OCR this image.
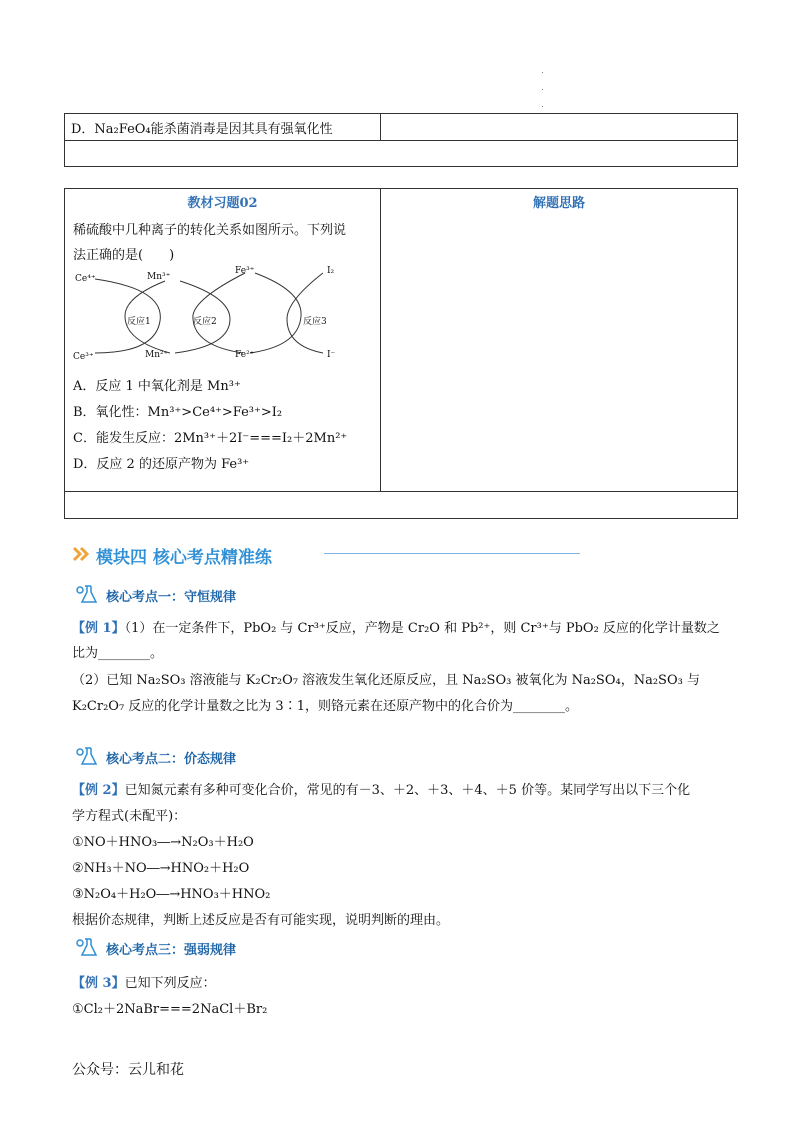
D．Na₂FeO₄能杀菌消毒是因其具有强氧化性

教材习题02
稀硫酸中几种离子的转化关系如图所示。下列说
法正确的是(　　)
Ce⁴⁺	Mn³⁺
Fe³⁺	I₂
Ce³⁺	Mn²⁺	Fe²⁺	I⁻
反应1	反应2	反应3
A．反应 1 中氧化剂是 Mn³⁺
B．氧化性：Mn³⁺>Ce⁴⁺>Fe³⁺>I₂
C．能发生反应：2Mn³⁺＋2I⁻===I₂＋2Mn²⁺
D．反应 2 的还原产物为 Fe³⁺

解题思路

模块四 核心考点精准练
核心考点一：守恒规律
【例 1】（1）在一定条件下，PbO₂ 与 Cr³⁺反应，产物是 Cr₂O 和 Pb²⁺，则 Cr³⁺与 PbO₂ 反应的化学计量数之
比为________。
（2）已知 Na₂SO₃ 溶液能与 K₂Cr₂O₇ 溶液发生氧化还原反应，且 Na₂SO₃ 被氧化为 Na₂SO₄，Na₂SO₃ 与
K₂Cr₂O₇ 反应的化学计量数之比为 3∶1，则铬元素在还原产物中的化合价为________。
核心考点二：价态规律
【例 2】已知氮元素有多种可变化合价，常见的有－3、＋2、＋3、＋4、＋5 价等。某同学写出以下三个化
学方程式(未配平)：
①NO＋HNO₃―→N₂O₃＋H₂O
②NH₃＋NO―→HNO₂＋H₂O
③N₂O₄＋H₂O―→HNO₃＋HNO₂
根据价态规律，判断上述反应是否有可能实现，说明判断的理由。
核心考点三：强弱规律
【例 3】已知下列反应：
①Cl₂＋2NaBr===2NaCl＋Br₂
公众号：云儿和花
